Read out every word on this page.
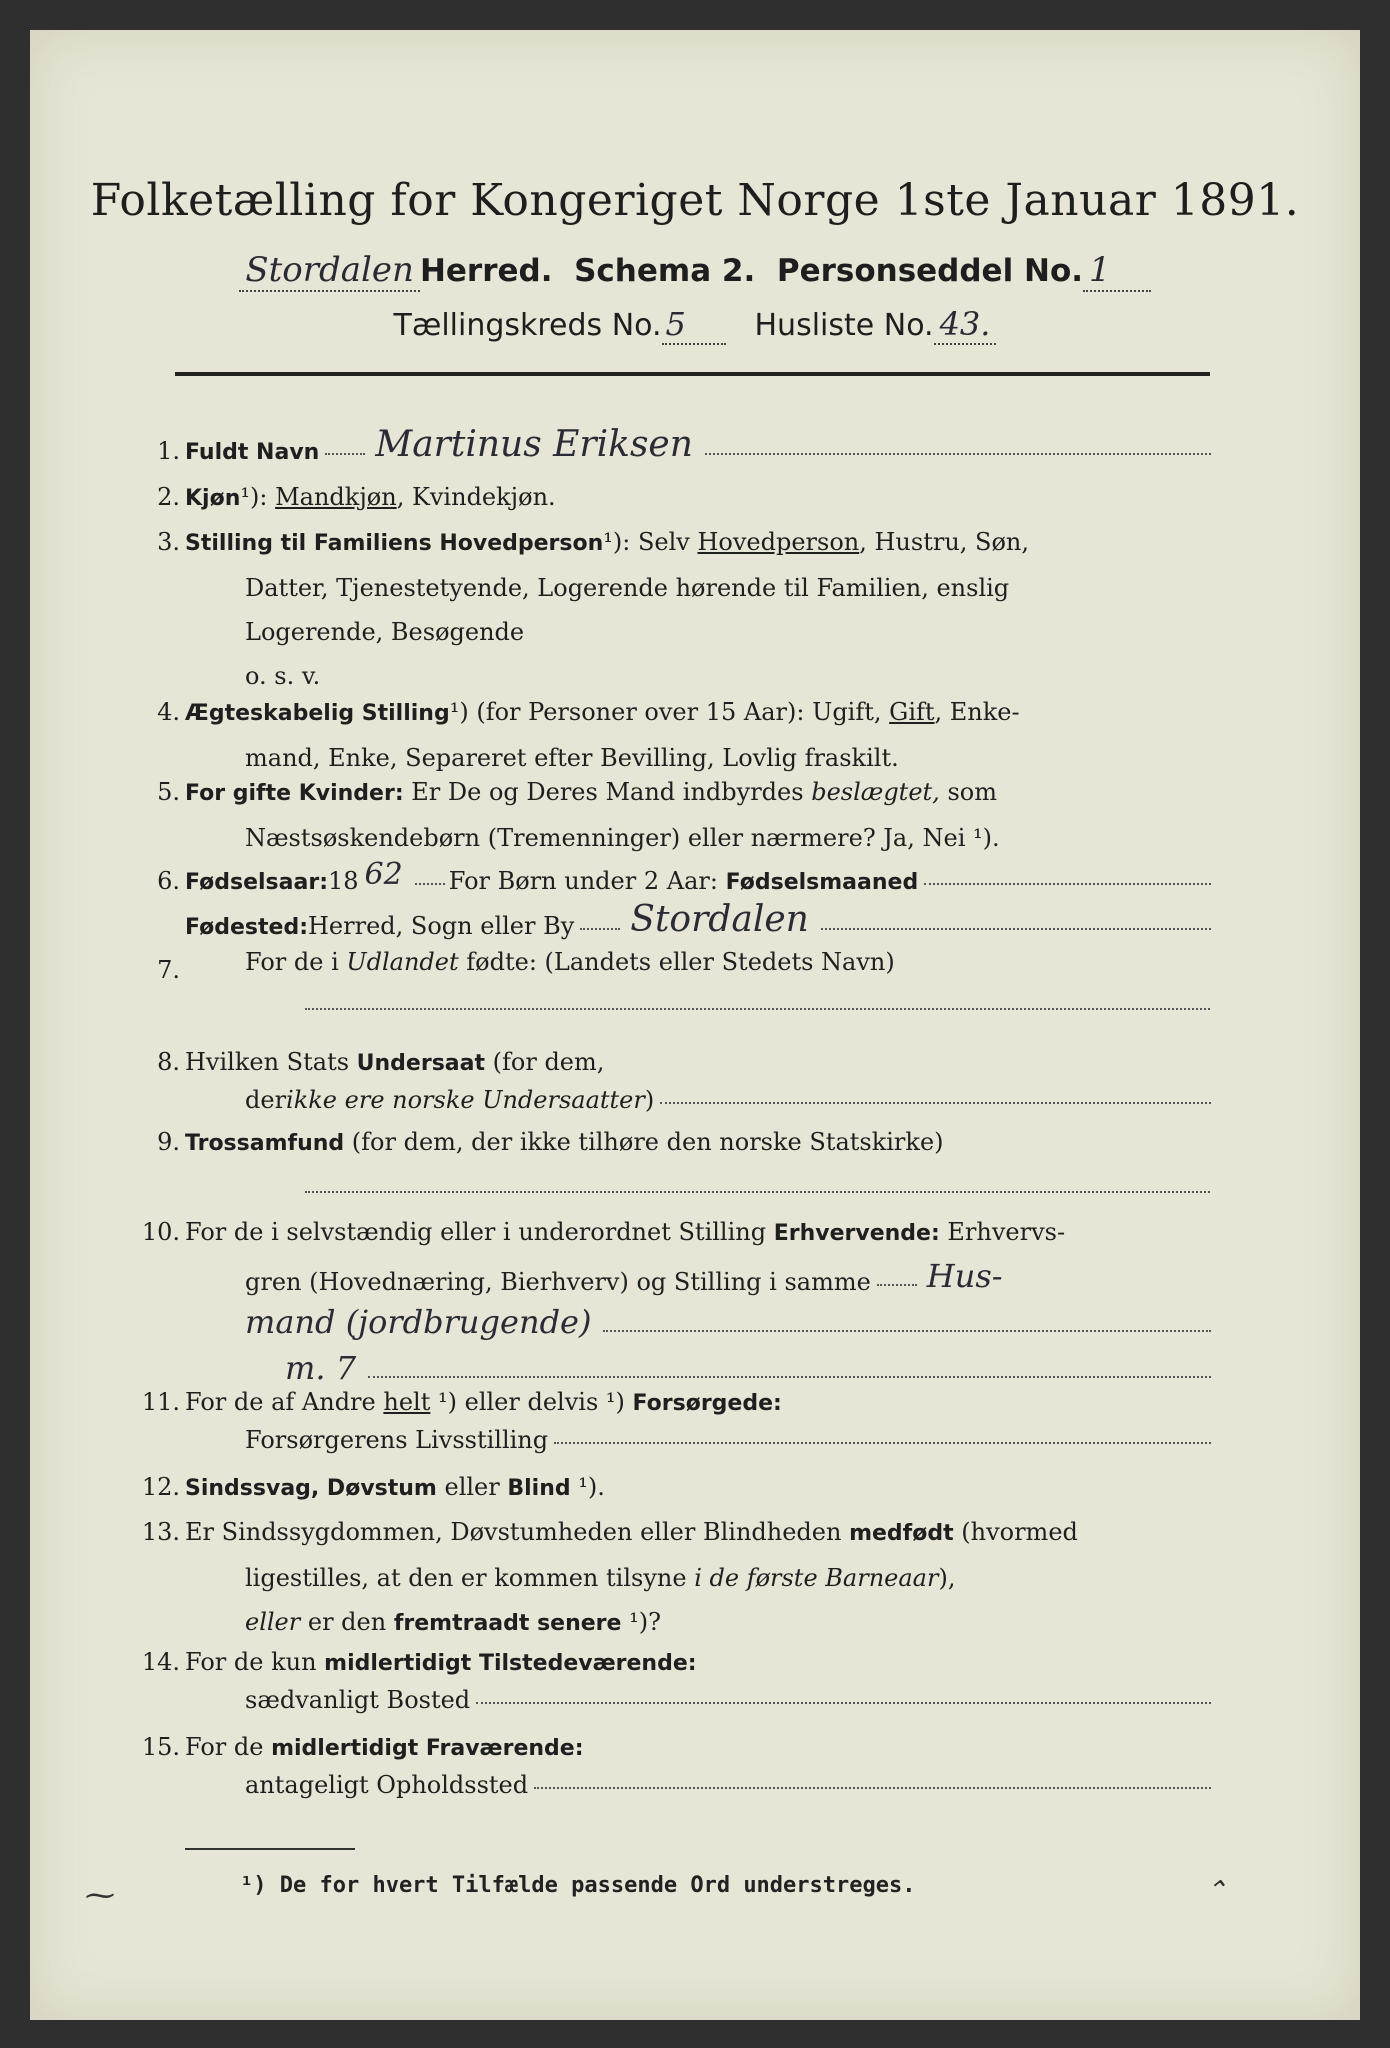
Folketælling for Kongeriget Norge 1ste Januar 1891.
Stordalen Herred. Schema 2. Personseddel No. 1
Tællingskreds No. 5 Husliste No. 43.
1. Fuldt Navn Martinus Eriksen
2. Kjøn¹): Mandkjøn, Kvindekjøn.
3. Stilling til Familiens Hovedperson¹): Selv Hovedperson, Hustru, Søn,
Datter, Tjenestetyende, Logerende hørende til Familien, enslig
Logerende, Besøgende
o. s. v.
4. Ægteskabelig Stilling¹) (for Personer over 15 Aar): Ugift, Gift, Enke-
mand, Enke, Separeret efter Bevilling, Lovlig fraskilt.
5. For gifte Kvinder: Er De og Deres Mand indbyrdes beslægtet, som
Næstsøskendebørn (Tremenninger) eller nærmere? Ja, Nei ¹).
6. Fødselsaar: 18 62 For Børn under 2 Aar:
Fødselsmaaned
7.
Fødested: Herred, Sogn eller By Stordalen
For de i Udlandet fødte: (Landets eller Stedets Navn)
8. Hvilken Stats Undersaat (for dem,
der ikke ere norske Undersaatter )
9. Trossamfund (for dem, der ikke tilhøre den norske Statskirke)
10. For de i selvstændig eller i underordnet Stilling Erhvervende: Erhvervs-
gren (Hovednæring, Bierhverv) og Stilling i samme Hus-
mand (jordbrugende)
m. 7
11. For de af Andre helt ¹) eller delvis ¹) Forsørgede:
Forsørgerens Livsstilling
12. Sindssvag, Døvstum eller Blind ¹).
13. Er Sindssygdommen, Døvstumheden eller Blindheden medfødt (hvormed
ligestilles, at den er kommen tilsyne i de første Barneaar),
eller er den fremtraadt senere ¹)?
14. For de kun midlertidigt Tilstedeværende:
sædvanligt Bosted
15. For de midlertidigt Fraværende:
antageligt Opholdssted
¹) De for hvert Tilfælde passende Ord understreges.
⁓	⌃
